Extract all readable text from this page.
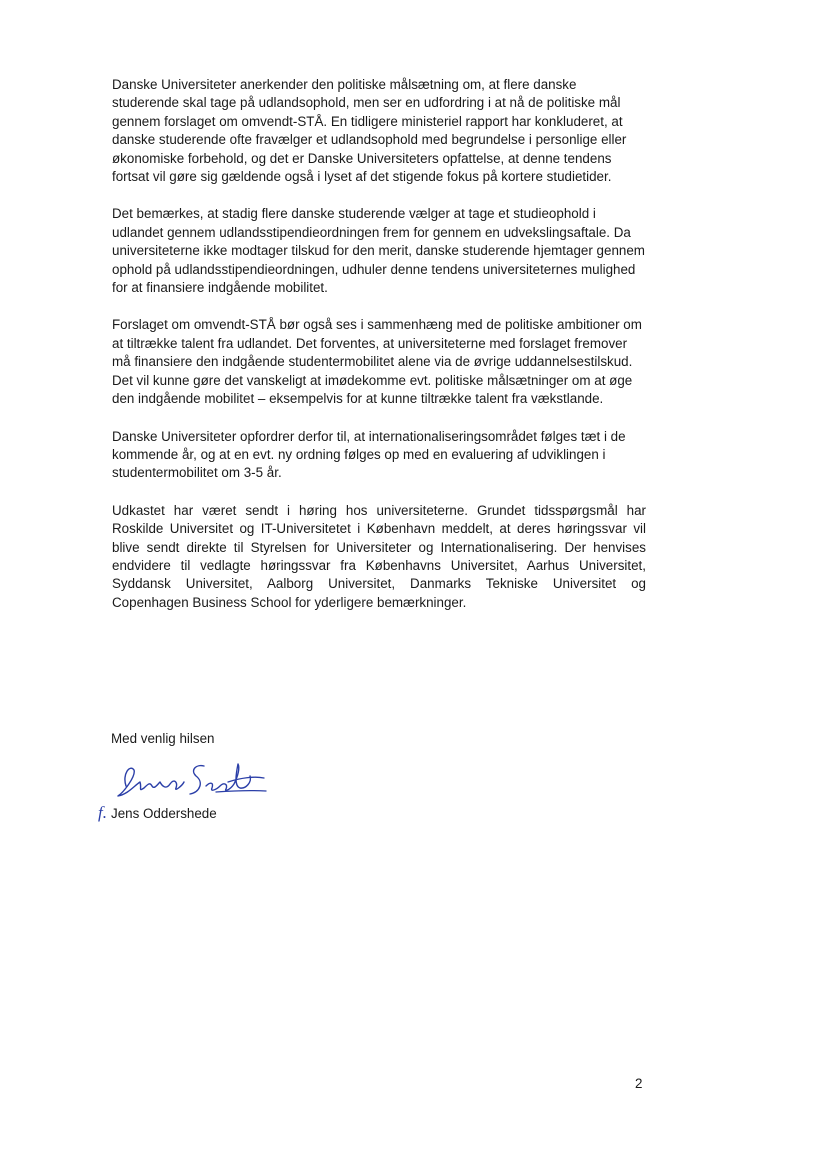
Danske Universiteter anerkender den politiske målsætning om, at flere danske studerende skal tage på udlandsophold, men ser en udfordring i at nå de politiske mål gennem forslaget om omvendt-STÅ. En tidligere ministeriel rapport har konkluderet, at danske studerende ofte fravælger et udlandsophold med begrundelse i personlige eller økonomiske forbehold, og det er Danske Universiteters opfattelse, at denne tendens fortsat vil gøre sig gældende også i lyset af det stigende fokus på kortere studietider.

Det bemærkes, at stadig flere danske studerende vælger at tage et studieophold i udlandet gennem udlandsstipendieordningen frem for gennem en udvekslingsaftale. Da universiteterne ikke modtager tilskud for den merit, danske studerende hjemtager gennem ophold på udlandsstipendieordningen, udhuler denne tendens universiteternes mulighed for at finansiere indgående mobilitet.

Forslaget om omvendt-STÅ bør også ses i sammenhæng med de politiske ambitioner om at tiltrække talent fra udlandet. Det forventes, at universiteterne med forslaget fremover må finansiere den indgående studentermobilitet alene via de øvrige uddannelsestilskud. Det vil kunne gøre det vanskeligt at imødekomme evt. politiske målsætninger om at øge den indgående mobilitet – eksempelvis for at kunne tiltrække talent fra vækstlande.

Danske Universiteter opfordrer derfor til, at internationaliseringsområdet følges tæt i de kommende år, og at en evt. ny ordning følges op med en evaluering af udviklingen i studentermobilitet om 3-5 år.

Udkastet har været sendt i høring hos universiteterne. Grundet tidsspørgsmål har Roskilde Universitet og IT-Universitetet i København meddelt, at deres høringssvar vil blive sendt direkte til Styrelsen for Universiteter og Internationalisering. Der henvises endvidere til vedlagte høringssvar fra Københavns Universitet, Aarhus Universitet, Syddansk Universitet, Aalborg Universitet, Danmarks Tekniske Universitet og Copenhagen Business School for yderligere bemærkninger.

Med venlig hilsen
f. Jens Oddershede
2
